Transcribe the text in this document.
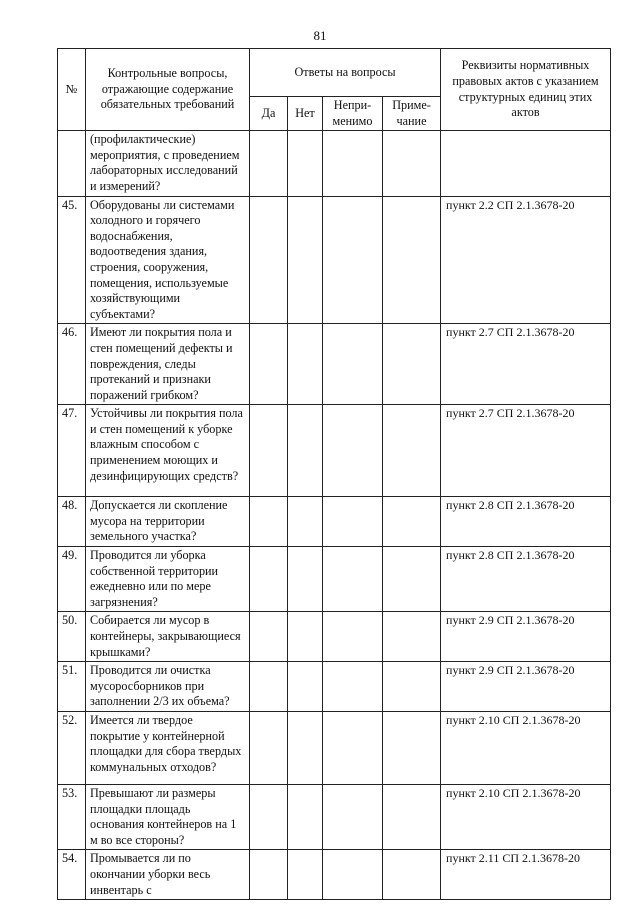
81
№	Контрольные вопросы, отражающие содержание обязательных требований	Ответы на вопросы				Реквизиты нормативных правовых актов с указанием структурных единиц этих актов
		Да	Нет	Непри-менимо	Приме-чание	
	(профилактические) мероприятия, с проведением лабораторных исследований и измерений?					
45.	Оборудованы ли системами холодного и горячего водоснабжения, водоотведения здания, строения, сооружения, помещения, используемые хозяйствующими субъектами?					пункт 2.2 СП 2.1.3678-20
46.	Имеют ли покрытия пола и стен помещений дефекты и повреждения, следы протеканий и признаки поражений грибком?					пункт 2.7 СП 2.1.3678-20
47.	Устойчивы ли покрытия пола и стен помещений к уборке влажным способом с применением моющих и дезинфицирующих средств?					пункт 2.7 СП 2.1.3678-20
48.	Допускается ли скопление мусора на территории земельного участка?					пункт 2.8 СП 2.1.3678-20
49.	Проводится ли уборка собственной территории ежедневно или по мере загрязнения?					пункт 2.8 СП 2.1.3678-20
50.	Собирается ли мусор в контейнеры, закрывающиеся крышками?					пункт 2.9 СП 2.1.3678-20
51.	Проводится ли очистка мусоросборников при заполнении 2/3 их объема?					пункт 2.9 СП 2.1.3678-20
52.	Имеется ли твердое покрытие у контейнерной площадки для сбора твердых коммунальных отходов?					пункт 2.10 СП 2.1.3678-20
53.	Превышают ли размеры площадки площадь основания контейнеров на 1 м во все стороны?					пункт 2.10 СП 2.1.3678-20
54.	Промывается ли по окончании уборки весь инвентарь с					пункт 2.11 СП 2.1.3678-20
